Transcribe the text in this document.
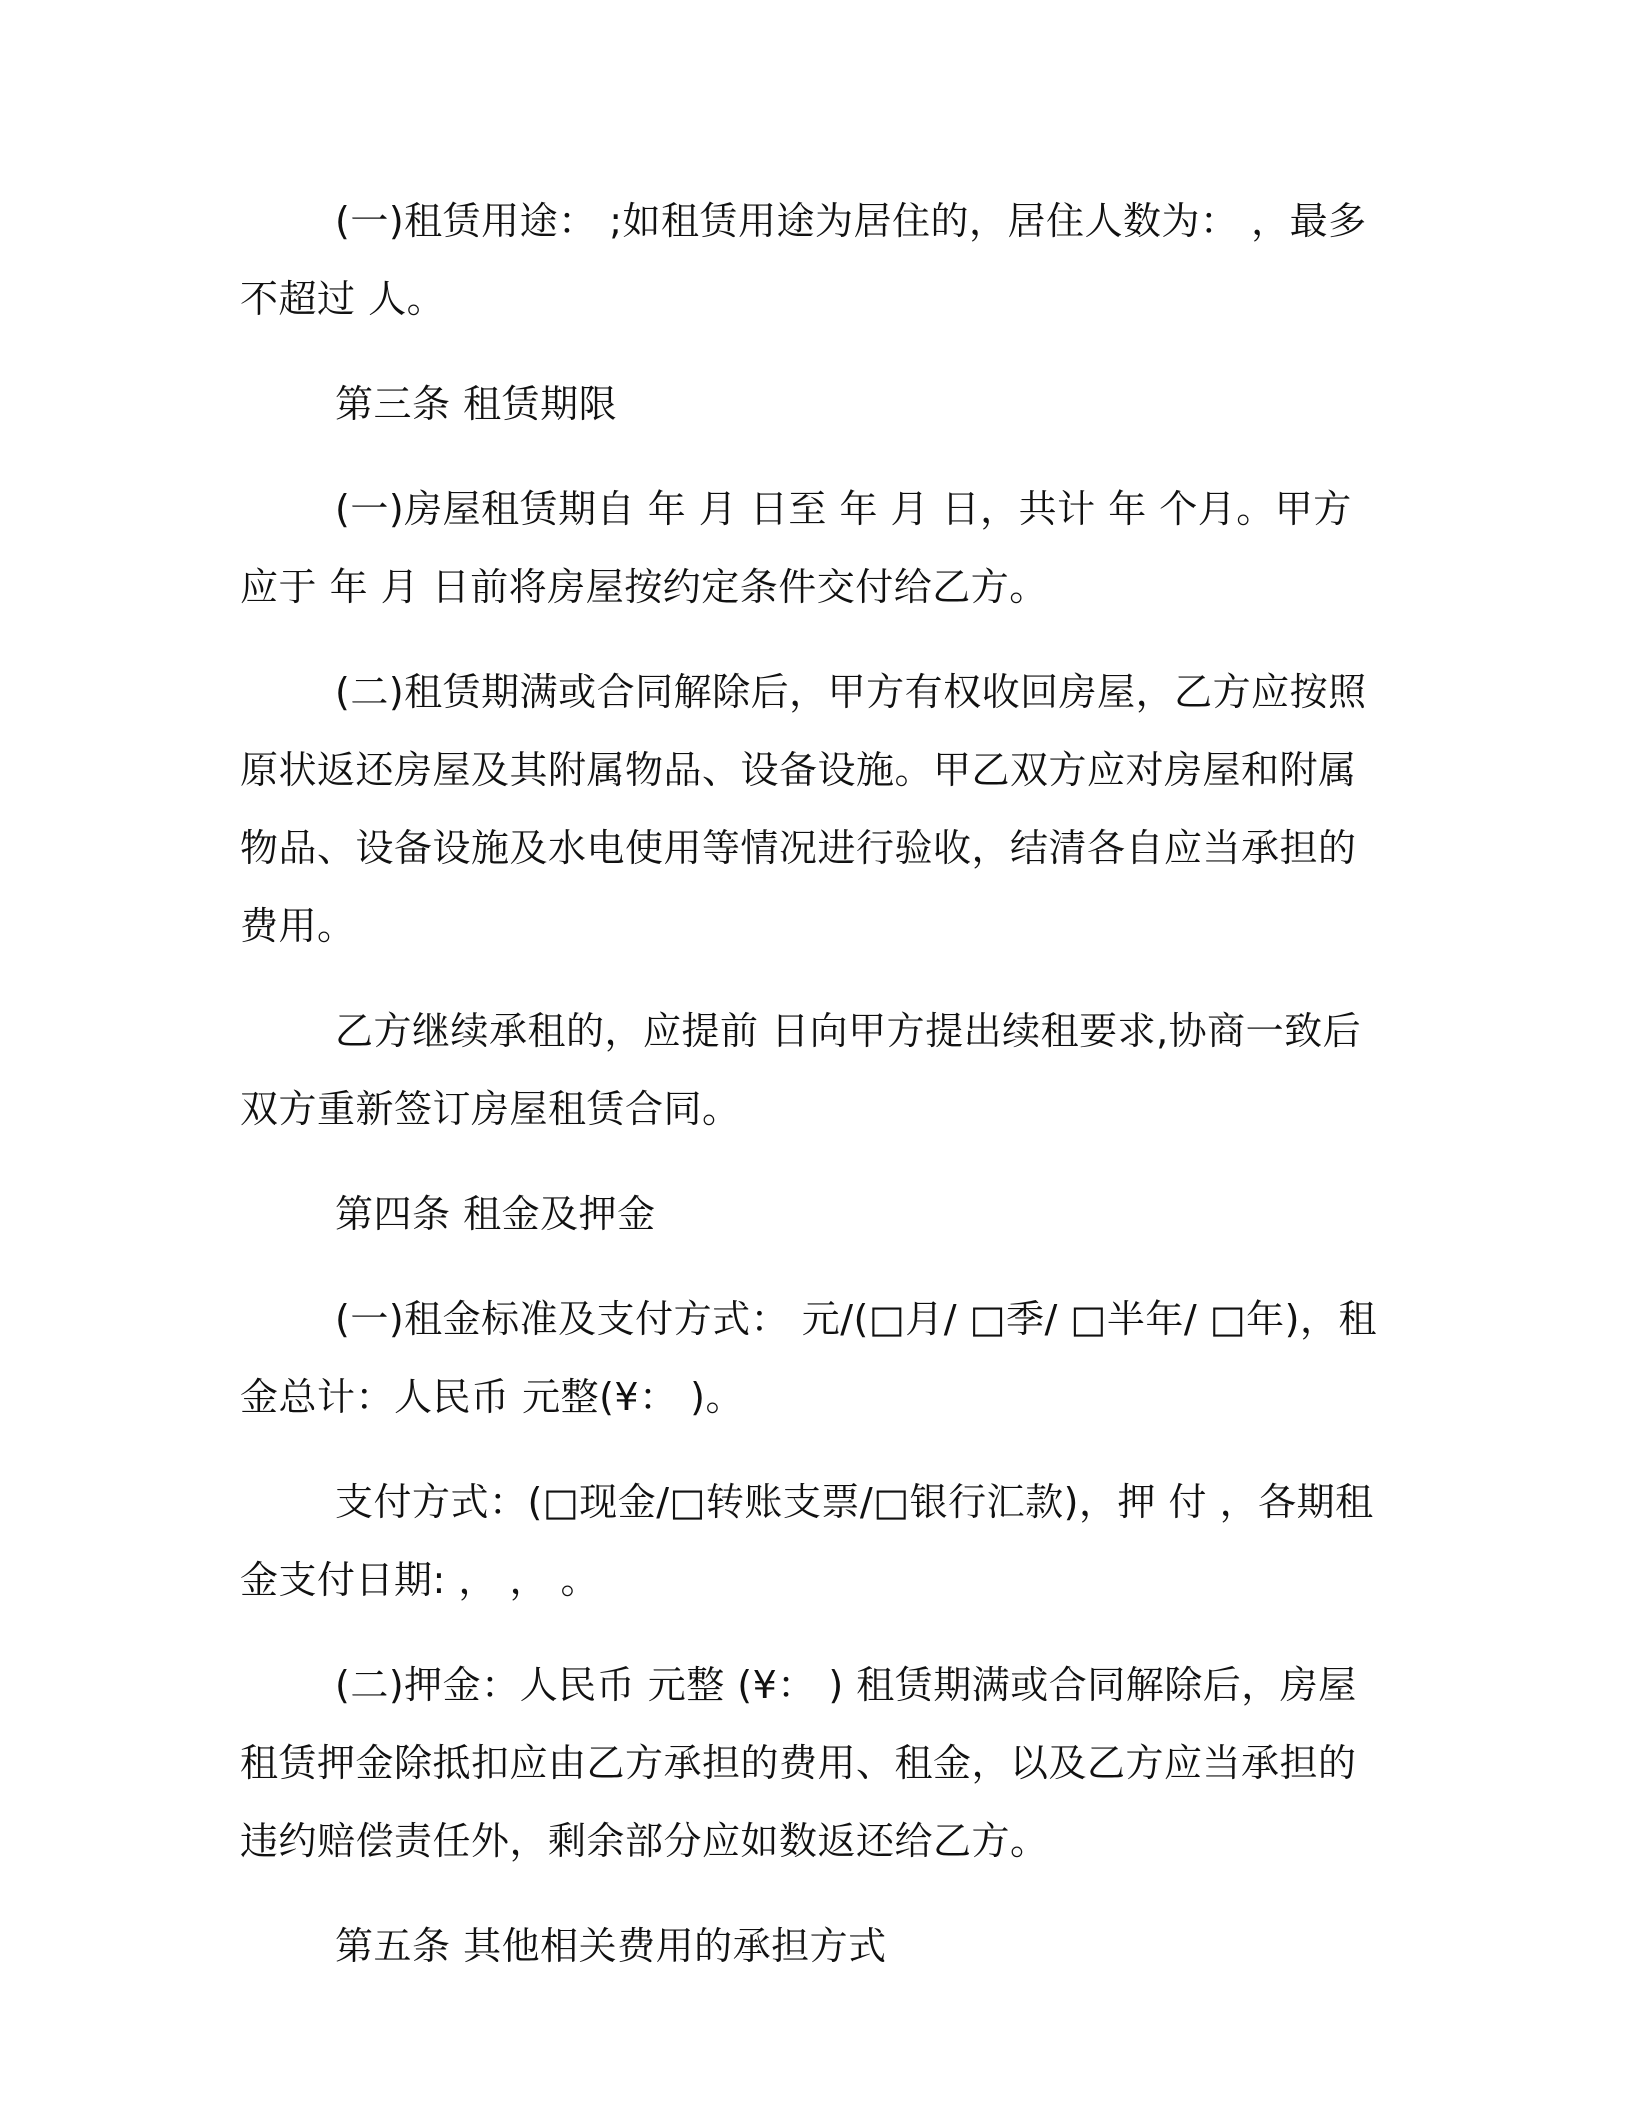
(一)租赁用途： ;如租赁用途为居住的，居住人数为： ，最多不超过 人。

第三条 租赁期限

(一)房屋租赁期自 年 月 日至 年 月 日，共计 年 个月。甲方应于 年 月 日前将房屋按约定条件交付给乙方。

(二)租赁期满或合同解除后，甲方有权收回房屋，乙方应按照原状返还房屋及其附属物品、设备设施。甲乙双方应对房屋和附属物品、设备设施及水电使用等情况进行验收，结清各自应当承担的费用。

乙方继续承租的，应提前 日向甲方提出续租要求,协商一致后双方重新签订房屋租赁合同。

第四条 租金及押金

(一)租金标准及支付方式： 元/(□月/ □季/ □半年/ □年)，租金总计：人民币 元整(¥： )。

支付方式：(□现金/□转账支票/□银行汇款)，押 付 ，各期租金支付日期: ， ， 。

(二)押金：人民币 元整 (¥： ) 租赁期满或合同解除后，房屋租赁押金除抵扣应由乙方承担的费用、租金，以及乙方应当承担的违约赔偿责任外，剩余部分应如数返还给乙方。

第五条 其他相关费用的承担方式
